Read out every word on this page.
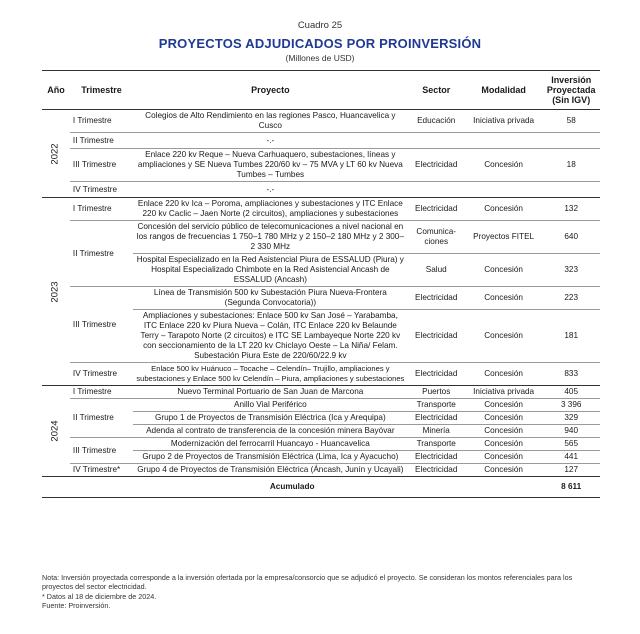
Cuadro 25
PROYECTOS ADJUDICADOS POR PROINVERSIÓN
(Millones de USD)
Año	Trimestre	Proyecto	Sector	Modalidad	Inversión Proyectada (Sin IGV)
2022	I Trimestre	Colegios de Alto Rendimiento en las regiones Pasco, Huancavelica y Cusco	Educación	Iniciativa privada	58
	II Trimestre	-.-			
	III Trimestre	Enlace 220 kv Reque – Nueva Carhuaquero, subestaciones, líneas y ampliaciones y SE Nueva Tumbes 220/60 kv – 75 MVA y LT 60 kv Nueva Tumbes – Tumbes	Electricidad	Concesión	18
	IV Trimestre	-.-			
2023	I Trimestre	Enlace 220 kv Ica – Poroma, ampliaciones y subestaciones y ITC Enlace 220 kv Caclic – Jaen Norte (2 circuitos), ampliaciones y subestaciones	Electricidad	Concesión	132
	II Trimestre	Concesión del servicio público de telecomunicaciones a nivel nacional en los rangos de frecuencias 1 750–1 780 MHz y 2 150–2 180 MHz y 2 300–2 330 MHz	Comunica-ciones	Proyectos FITEL	640
		Hospital Especializado en la Red Asistencial Piura de ESSALUD (Piura) y Hospital Especializado Chimbote en la Red Asistencial Ancash de ESSALUD (Ancash)	Salud	Concesión	323
	III Trimestre	Línea de Transmisión 500 kv Subestación Piura Nueva-Frontera (Segunda Convocatoria))	Electricidad	Concesión	223
		Ampliaciones y subestaciones: Enlace 500 kv San José – Yarabamba, ITC Enlace 220 kv Piura Nueva – Colán, ITC Enlace 220 kv Belaunde Terry – Tarapoto Norte (2 circuitos) e ITC SE Lambayeque Norte 220 kv con seccionamiento de la LT 220 kv Chiclayo Oeste – La Niña/ Felam. Subestación Piura Este de 220/60/22.9 kv	Electricidad	Concesión	181
	IV Trimestre	Enlace 500 kv Huánuco – Tocache – Celendín– Trujillo, ampliaciones y subestaciones y Enlace 500 kv Celendín – Piura, ampliaciones y subestaciones	Electricidad	Concesión	833
2024	I Trimestre	Nuevo Terminal Portuario de San Juan de Marcona	Puertos	Iniciativa privada	405
	II Trimestre	Anillo Vial Periférico	Transporte	Concesión	3 396
		Grupo 1 de Proyectos de Transmisión Eléctrica (Ica y Arequipa)	Electricidad	Concesión	329
		Adenda al contrato de transferencia de la concesión minera Bayóvar	Minería	Concesión	940
	III Trimestre	Modernización del ferrocarril Huancayo - Huancavelica	Transporte	Concesión	565
		Grupo 2 de Proyectos de Transmisión Eléctrica (Lima, Ica y Ayacucho)	Electricidad	Concesión	441
	IV Trimestre*	Grupo 4 de Proyectos de Transmisión Eléctrica (Áncash, Junín y Ucayali)	Electricidad	Concesión	127
Acumulado					8 611
Nota: Inversión proyectada corresponde a la inversión ofertada por la empresa/consorcio que se adjudicó el proyecto. Se consideran los montos referenciales para los proyectos del sector electricidad.
* Datos al 18 de diciembre de 2024.
Fuente: Proinversión.
